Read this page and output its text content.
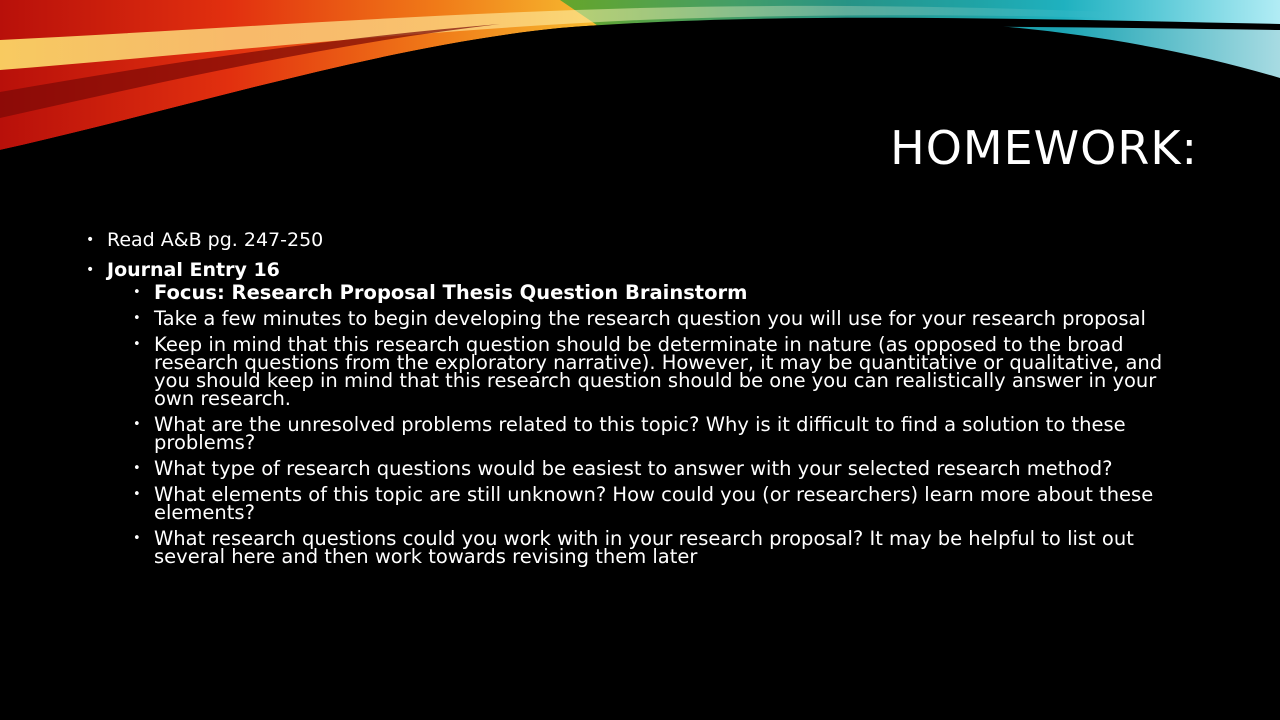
HOMEWORK:
• Read A&B pg. 247-250
• Journal Entry 16
• Focus: Research Proposal Thesis Question Brainstorm
• Take a few minutes to begin developing the research question you will use for your research proposal
• Keep in mind that this research question should be determinate in nature (as opposed to the broad research questions from the exploratory narrative). However, it may be quantitative or qualitative, and you should keep in mind that this research question should be one you can realistically answer in your own research.
• What are the unresolved problems related to this topic? Why is it difficult to find a solution to these problems?
• What type of research questions would be easiest to answer with your selected research method?
• What elements of this topic are still unknown? How could you (or researchers) learn more about these elements?
• What research questions could you work with in your research proposal? It may be helpful to list out several here and then work towards revising them later
